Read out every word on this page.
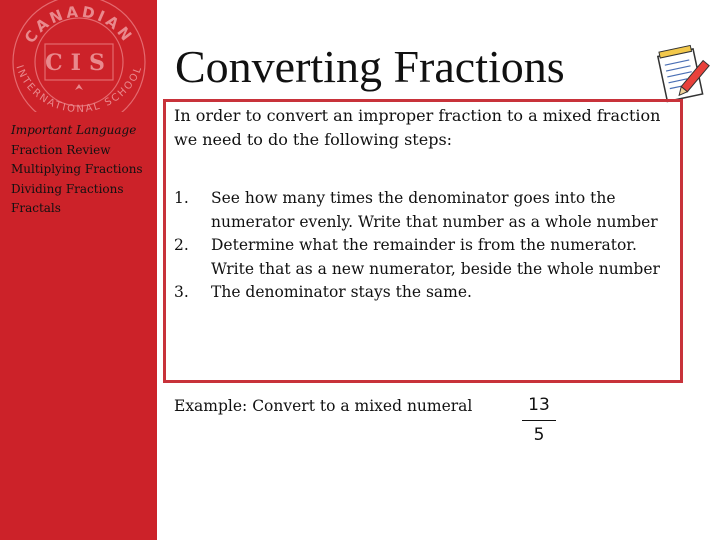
CANADIAN
INTERNATIONAL SCHOOL
CIS
Important Language
Fraction Review
Multiplying Fractions
Dividing Fractions
Fractals
Converting Fractions

In order to convert an improper fraction to a mixed fraction we need to do the following steps:

1. See how many times the denominator goes into the numerator evenly. Write that number as a whole number
2. Determine what the remainder is from the numerator. Write that as a new numerator, beside the whole number
3. The denominator stays the same.
Example: Convert to a mixed numeral	13
5
